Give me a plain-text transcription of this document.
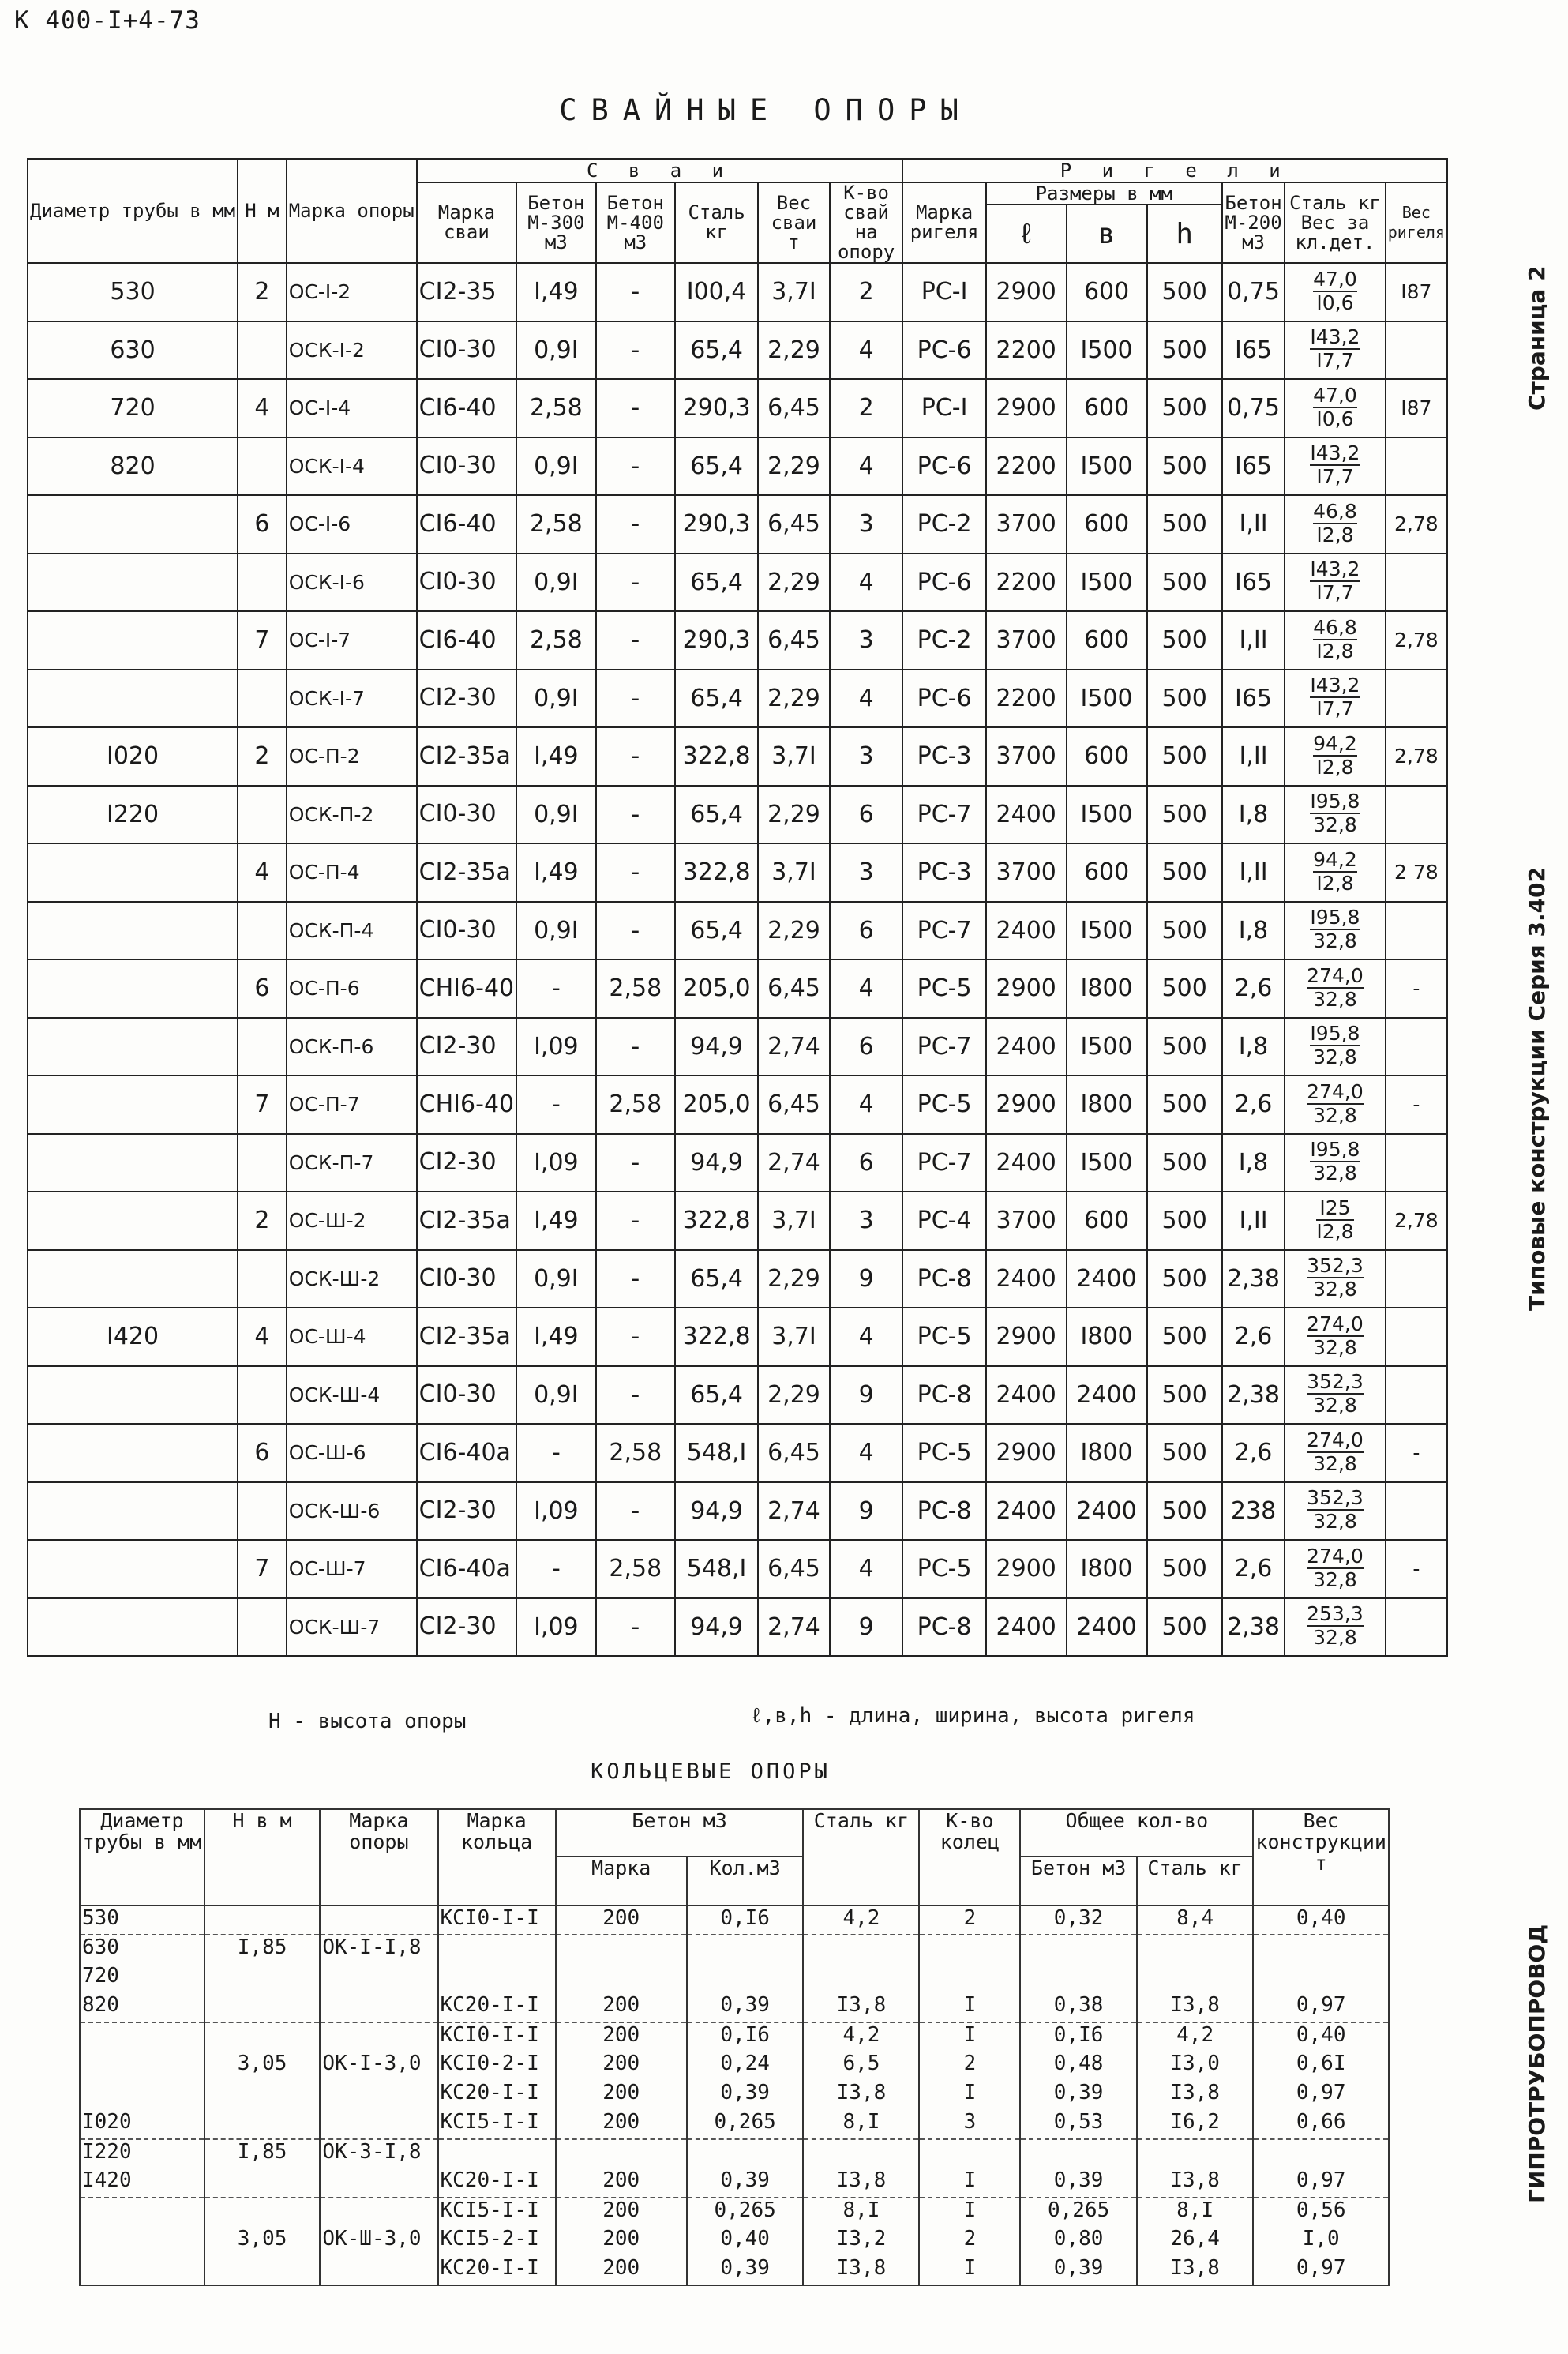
К 400-I+4-73
СВАЙНЫЕ ОПОРЫ
Страница 2
Типовые конструкции Серия 3.402
ГИПРОТРУБОПРОВОД
Диаметр трубы в мм	Н м	Марка опоры	С в а и						Р и г е л и						
			Марка сваи	Бетон М-300 м3	Бетон М-400 м3	Сталь кг	Вес сваи т	К-во свай на опору	Марка ригеля	Размеры в мм			Бетон М-200 м3	Сталь кг Вес за кл.дет.	Вес ригеля
										ℓ	в	h			
530	2	ОС-I-2	СI2-35	I,49	-	I00,4	3,7I	2	РС-I	2900	600	500	0,75	$\frac{47,0}{I0,6}$	I87
630		ОСК-I-2	СI0-30	0,9I	-	65,4	2,29	4	РС-6	2200	I500	500	I65	$\frac{I43,2}{I7,7}$

720	4	ОС-I-4	СI6-40	2,58	-	290,3	6,45	2	РС-I	2900	600	500	0,75	$\frac{47,0}{I0,6}$	I87
820		ОСК-I-4	СI0-30	0,9I	-	65,4	2,29	4	РС-6	2200	I500	500	I65	$\frac{I43,2}{I7,7}$

	6	ОС-I-6	СI6-40	2,58	-	290,3	6,45	3	РС-2	3700	600	500	I,II	$\frac{46,8}{I2,8}$	2,78
		ОСК-I-6	СI0-30	0,9I	-	65,4	2,29	4	РС-6	2200	I500	500	I65	$\frac{I43,2}{I7,7}$

	7	ОС-I-7	СI6-40	2,58	-	290,3	6,45	3	РС-2	3700	600	500	I,II	$\frac{46,8}{I2,8}$	2,78
		ОСК-I-7	СI2-30	0,9I	-	65,4	2,29	4	РС-6	2200	I500	500	I65	$\frac{I43,2}{I7,7}$

I020	2	ОС-П-2	СI2-35а	I,49	-	322,8	3,7I	3	РС-3	3700	600	500	I,II	$\frac{94,2}{I2,8}$	2,78
I220		ОСК-П-2	СI0-30	0,9I	-	65,4	2,29	6	РС-7	2400	I500	500	I,8	$\frac{I95,8}{32,8}$

	4	ОС-П-4	СI2-35а	I,49	-	322,8	3,7I	3	РС-3	3700	600	500	I,II	$\frac{94,2}{I2,8}$	2 78
		ОСК-П-4	СI0-30	0,9I	-	65,4	2,29	6	РС-7	2400	I500	500	I,8	$\frac{I95,8}{32,8}$

	6	ОС-П-6	СНI6-40	-	2,58	205,0	6,45	4	РС-5	2900	I800	500	2,6	$\frac{274,0}{32,8}$	-
		ОСК-П-6	СI2-30	I,09	-	94,9	2,74	6	РС-7	2400	I500	500	I,8	$\frac{I95,8}{32,8}$

	7	ОС-П-7	СНI6-40	-	2,58	205,0	6,45	4	РС-5	2900	I800	500	2,6	$\frac{274,0}{32,8}$	-
		ОСК-П-7	СI2-30	I,09	-	94,9	2,74	6	РС-7	2400	I500	500	I,8	$\frac{I95,8}{32,8}$

	2	ОС-Ш-2	СI2-35а	I,49	-	322,8	3,7I	3	РС-4	3700	600	500	I,II	$\frac{I25}{I2,8}$	2,78
		ОСК-Ш-2	СI0-30	0,9I	-	65,4	2,29	9	РС-8	2400	2400	500	2,38	$\frac{352,3}{32,8}$

I420	4	ОС-Ш-4	СI2-35а	I,49	-	322,8	3,7I	4	РС-5	2900	I800	500	2,6	$\frac{274,0}{32,8}$

		ОСК-Ш-4	СI0-30	0,9I	-	65,4	2,29	9	РС-8	2400	2400	500	2,38	$\frac{352,3}{32,8}$

	6	ОС-Ш-6	СI6-40а	-	2,58	548,I	6,45	4	РС-5	2900	I800	500	2,6	$\frac{274,0}{32,8}$	-
		ОСК-Ш-6	СI2-30	I,09	-	94,9	2,74	9	РС-8	2400	2400	500	238	$\frac{352,3}{32,8}$

	7	ОС-Ш-7	СI6-40а	-	2,58	548,I	6,45	4	РС-5	2900	I800	500	2,6	$\frac{274,0}{32,8}$	-
		ОСК-Ш-7	СI2-30	I,09	-	94,9	2,74	9	РС-8	2400	2400	500	2,38	$\frac{253,3}{32,8}$

Н - высота опоры	ℓ,в,h - длина, ширина, высота ригеля
КОЛЬЦЕВЫЕ ОПОРЫ
Диаметр трубы в мм	Н в м	Марка опоры	Марка кольца	Бетон м3		Сталь кг	К-во колец	Общее кол-во		Вес конструкции т
				Марка	Кол.м3			Бетон м3	Сталь кг	
530			КСI0-I-I	200	0,I6	4,2	2	0,32	8,4	0,40
630	I,85	ОК-I-I,8								
720										
820			КС20-I-I	200	0,39	I3,8	I	0,38	I3,8	0,97
			КСI0-I-I	200	0,I6	4,2	I	0,I6	4,2	0,40
	3,05	ОК-I-3,0	КСI0-2-I	200	0,24	6,5	2	0,48	I3,0	0,6I
			КС20-I-I	200	0,39	I3,8	I	0,39	I3,8	0,97
I020			КСI5-I-I	200	0,265	8,I	3	0,53	I6,2	0,66
I220	I,85	ОК-3-I,8								
I420			КС20-I-I	200	0,39	I3,8	I	0,39	I3,8	0,97
			КСI5-I-I	200	0,265	8,I	I	0,265	8,I	0,56
	3,05	ОК-Ш-3,0	КСI5-2-I	200	0,40	I3,2	2	0,80	26,4	I,0
			КС20-I-I	200	0,39	I3,8	I	0,39	I3,8	0,97
